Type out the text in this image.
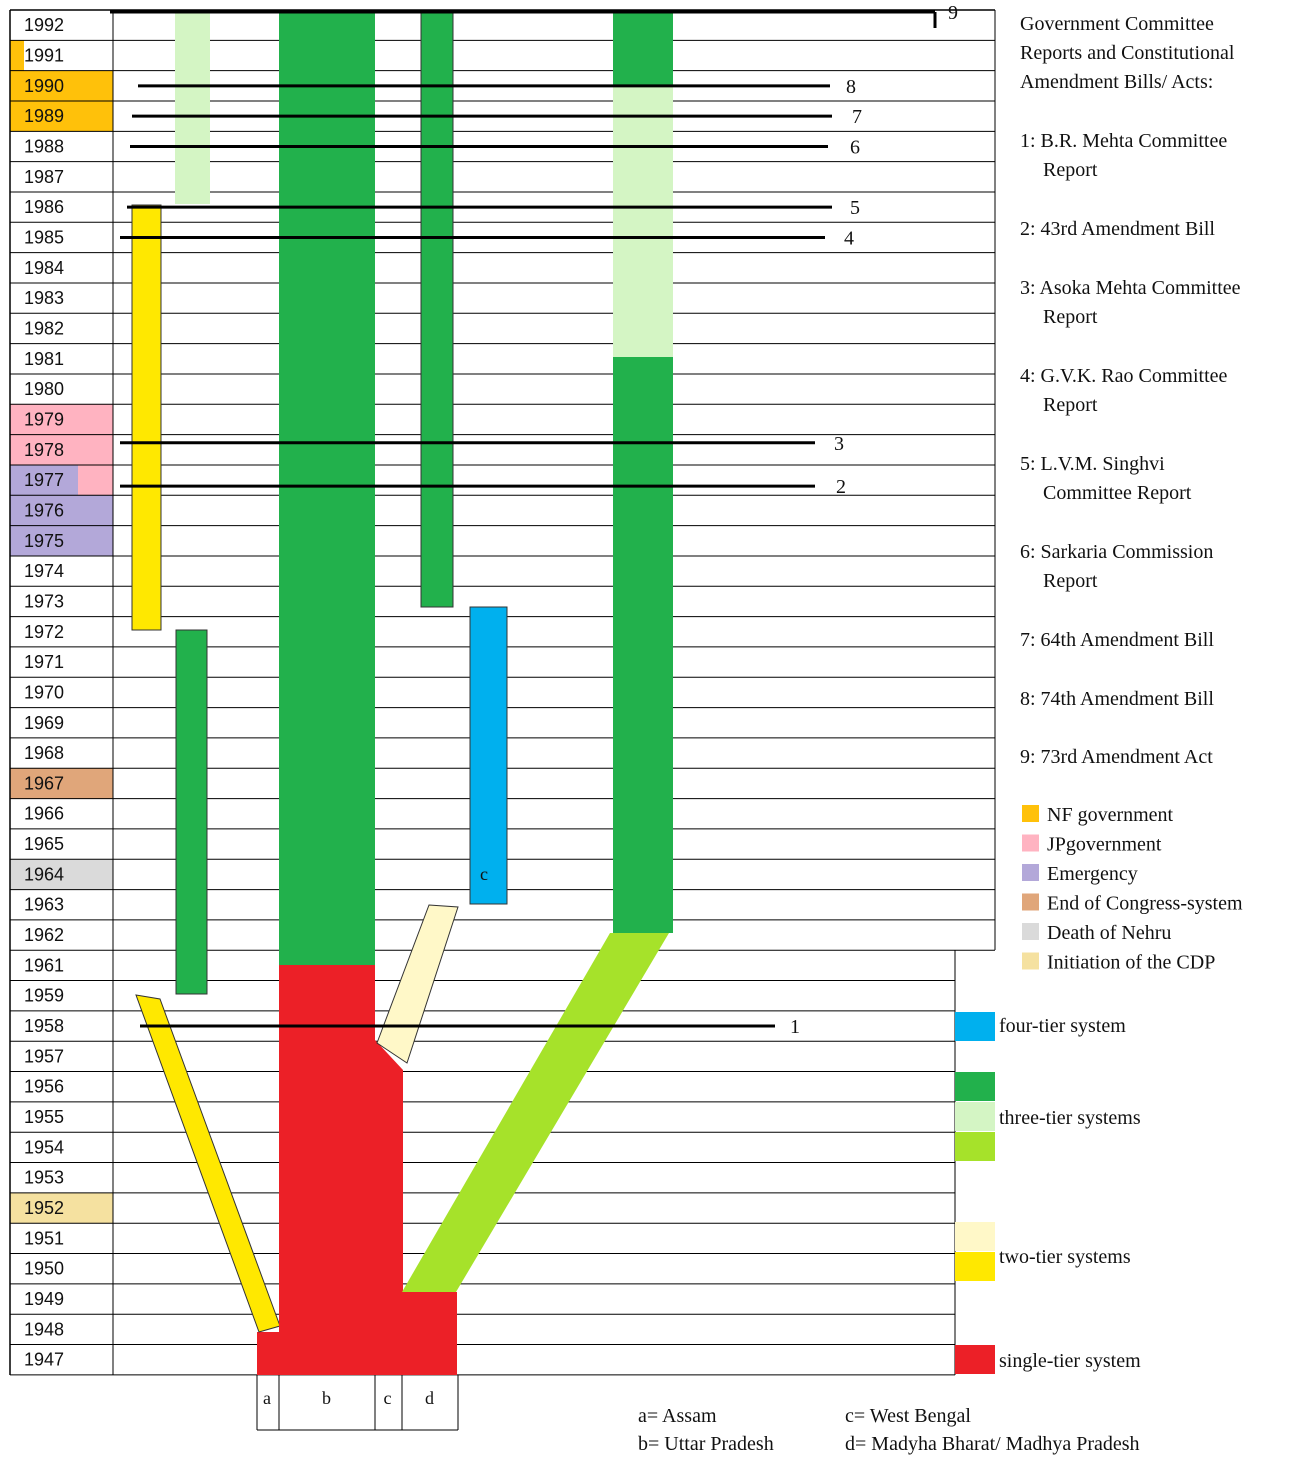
1992
1991
1990
1989
1988
1987
1986
1985
1984
1983
1982
1981
1980
1979
1978
1977
1976
1975
1974
1973
1972
1971
1970
1969
1968
1967
1966
1965
1964
1963
1962
1961
1959
1958
1957
1956
1955
1954
1953
1952
1951
1950
1949
1948
1947
c
1
2
3
4
5
6
7
8
9
a	b	c d
Government Committee
Reports and Constitutional
Amendment Bills/ Acts:
1: B.R. Mehta Committee
Report
2: 43rd Amendment Bill
3: Asoka Mehta Committee
Report
4: G.V.K. Rao Committee
Report
5: L.V.M. Singhvi
Committee Report
6: Sarkaria Commission
Report
7: 64th Amendment Bill
8: 74th Amendment Bill
9: 73rd Amendment Act
NF government
JPgovernment
Emergency
End of Congress-system
Death of Nehru
Initiation of the CDP
four-tier system
three-tier systems
two-tier systems
single-tier system
a= Assam
b= Uttar Pradesh
c= West Bengal
d= Madyha Bharat/ Madhya Pradesh
